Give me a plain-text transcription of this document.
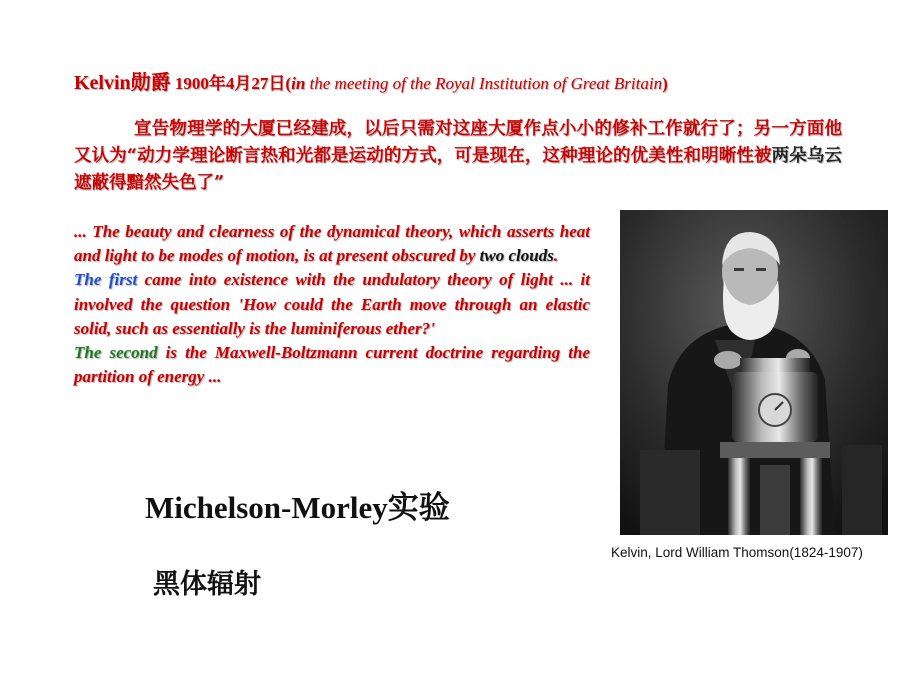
Kelvin勋爵 1900年4月27日(in the meeting of the Royal Institution of Great Britain)
宣告物理学的大厦已经建成，以后只需对这座大厦作点小小的修补工作就行了；另一方面他又认为“动力学理论断言热和光都是运动的方式，可是现在，这种理论的优美性和明晰性被两朵乌云遮蔽得黯然失色了”

... The beauty and clearness of the dynamical theory, which asserts heat and light to be modes of motion, is at present obscured by two clouds.

The first came into existence with the undulatory theory of light ... it involved the question 'How could the Earth move through an elastic solid, such as essentially is the luminiferous ether?'

The second is the Maxwell-Boltzmann current doctrine regarding the partition of energy ...

Michelson-Morley实验
黑体辐射
Kelvin, Lord William Thomson(1824-1907)
